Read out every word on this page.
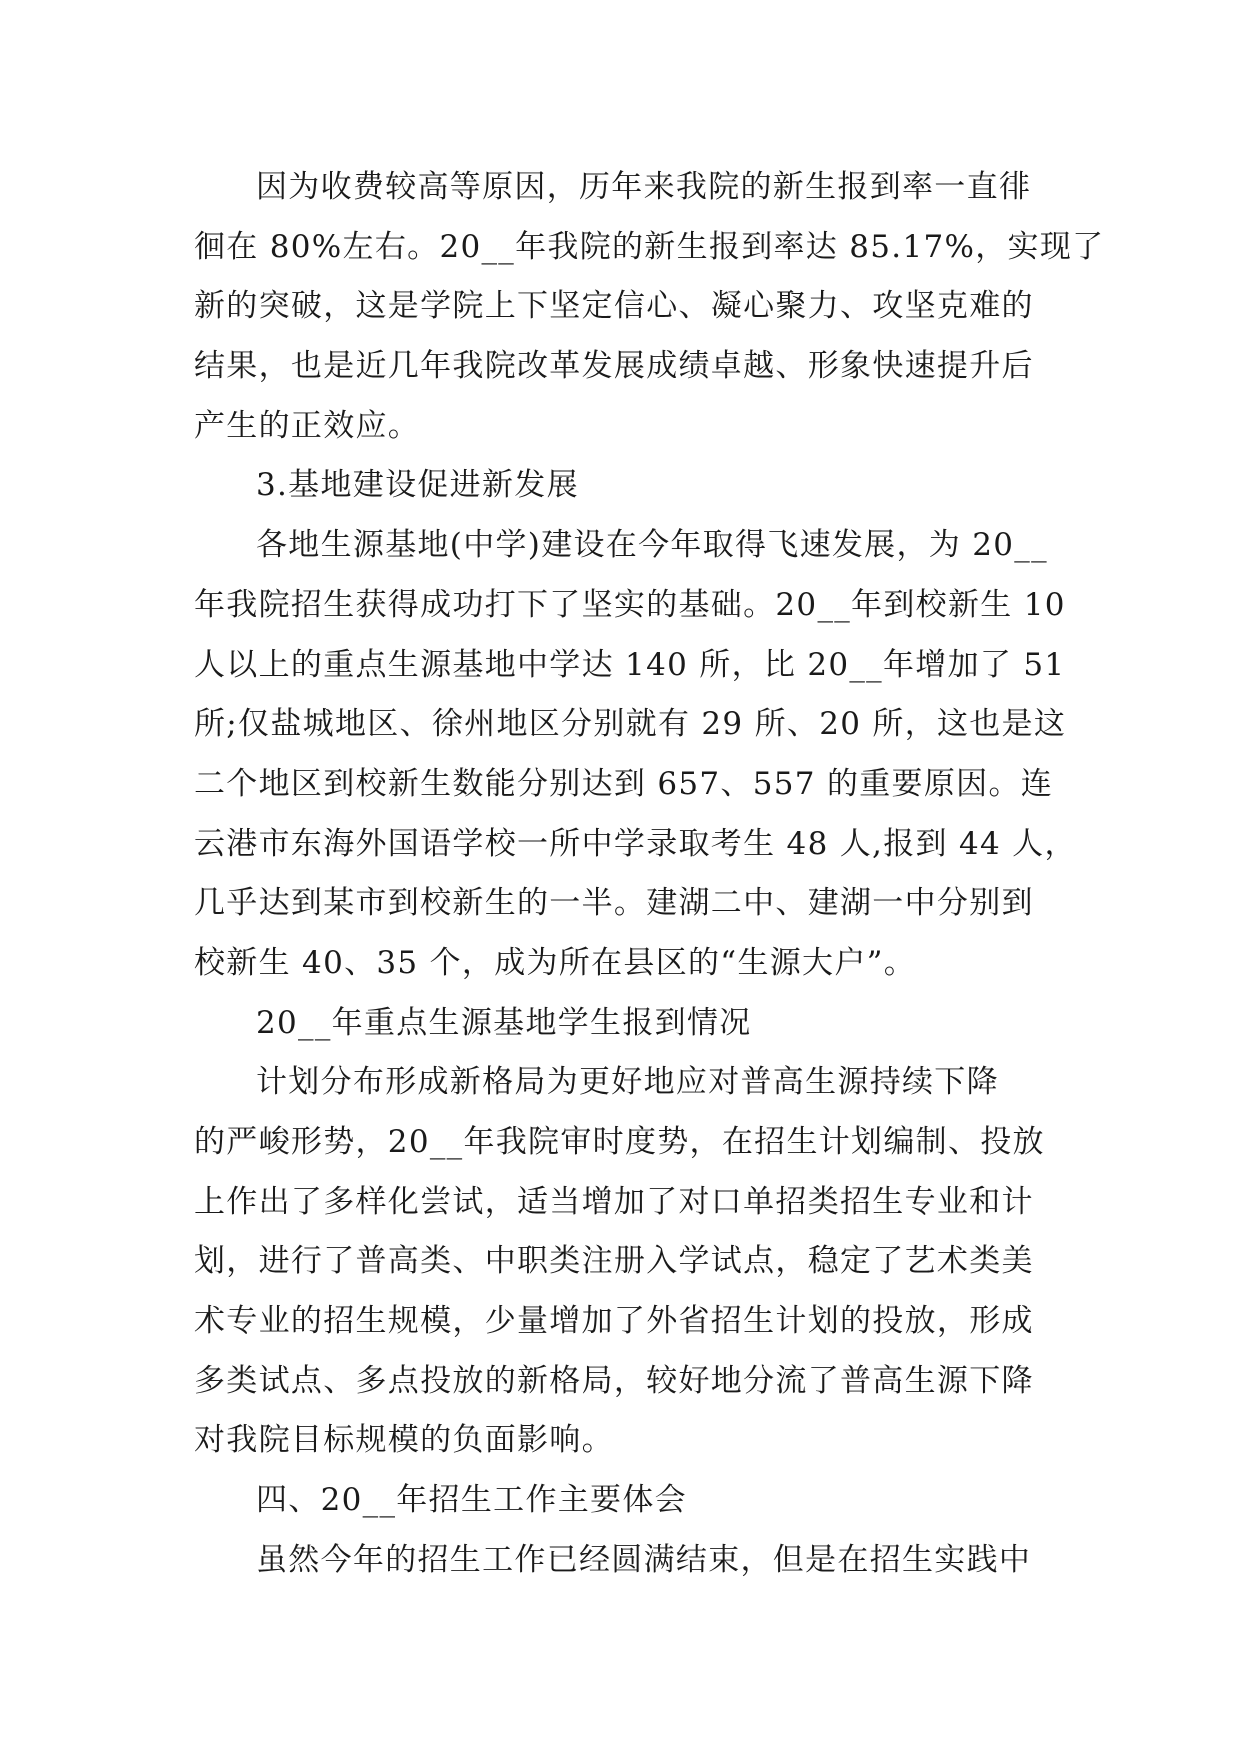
因为收费较高等原因，历年来我院的新生报到率一直徘
徊在 80%左右。20__年我院的新生报到率达 85.17%，实现了
新的突破，这是学院上下坚定信心、凝心聚力、攻坚克难的
结果，也是近几年我院改革发展成绩卓越、形象快速提升后
产生的正效应。
3.基地建设促进新发展
各地生源基地(中学)建设在今年取得飞速发展，为 20__
年我院招生获得成功打下了坚实的基础。20__年到校新生 10
人以上的重点生源基地中学达 140 所，比 20__年增加了 51
所;仅盐城地区、徐州地区分别就有 29 所、20 所，这也是这
二个地区到校新生数能分别达到 657、557 的重要原因。连
云港市东海外国语学校一所中学录取考生 48 人,报到 44 人，
几乎达到某市到校新生的一半。建湖二中、建湖一中分别到
校新生 40、35 个，成为所在县区的“生源大户”。
20__年重点生源基地学生报到情况
计划分布形成新格局为更好地应对普高生源持续下降
的严峻形势，20__年我院审时度势，在招生计划编制、投放
上作出了多样化尝试，适当增加了对口单招类招生专业和计
划，进行了普高类、中职类注册入学试点，稳定了艺术类美
术专业的招生规模，少量增加了外省招生计划的投放，形成
多类试点、多点投放的新格局，较好地分流了普高生源下降
对我院目标规模的负面影响。
四、20__年招生工作主要体会
虽然今年的招生工作已经圆满结束，但是在招生实践中
